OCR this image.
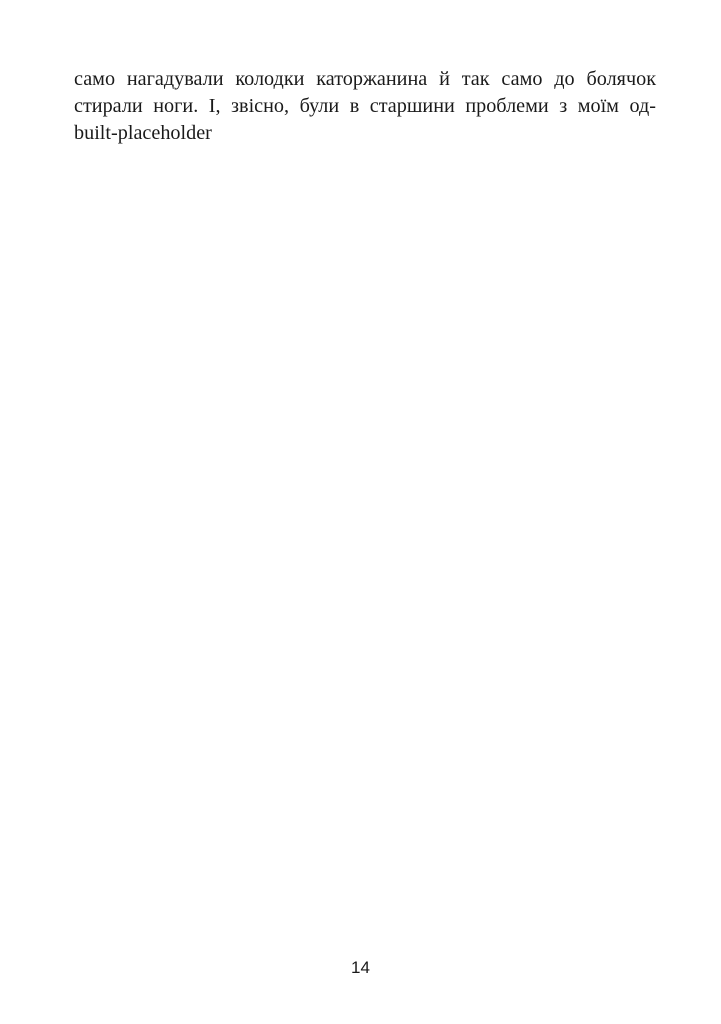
само нагадували колодки каторжанина й так само до болячок
стирали ноги. І, звісно, були в старшини проблеми з моїм од-
built-placeholder
14
